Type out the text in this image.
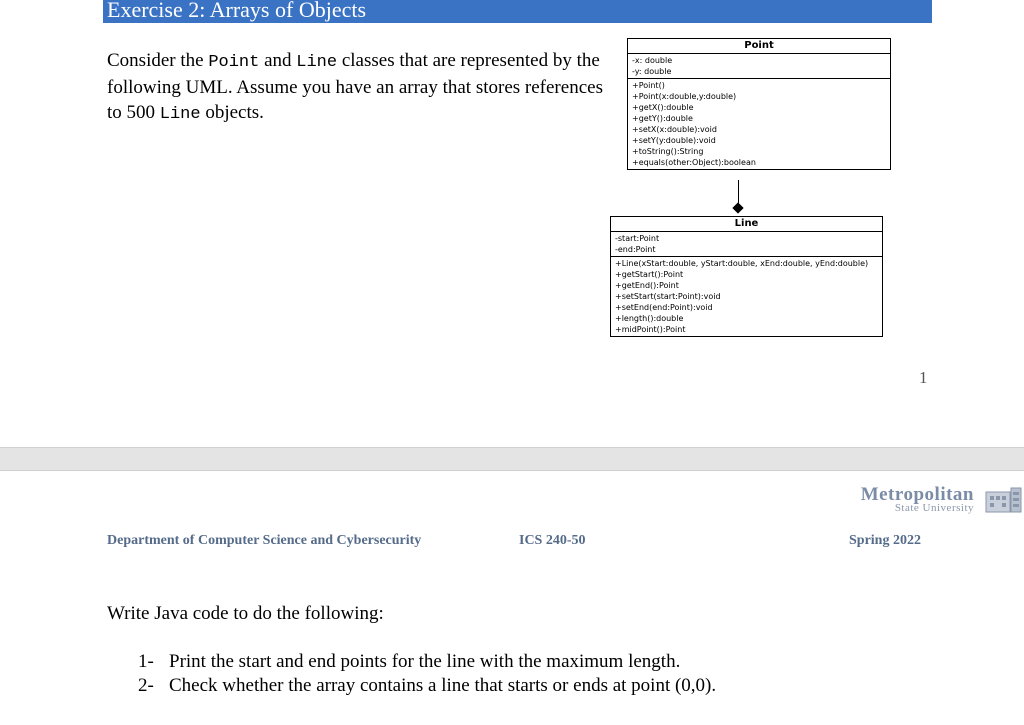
Exercise 2: Arrays of Objects
Consider the Point and Line classes that are represented by the following UML. Assume you have an array that stores references to 500 Line objects.
Point
-x: double
-y: double
+Point()
+Point(x:double,y:double)
+getX():double
+getY():double
+setX(x:double):void
+setY(y:double):void
+toString():String
+equals(other:Object):boolean
Line
-start:Point
-end:Point
+Line(xStart:double, yStart:double, xEnd:double, yEnd:double)
+getStart():Point
+getEnd():Point
+setStart(start:Point):void
+setEnd(end:Point):void
+length():double
+midPoint():Point
1
Metropolitan
State University
Department of Computer Science and Cybersecurity	ICS 240-50	Spring 2022
Write Java code to do the following:
1- Print the start and end points for the line with the maximum length.
2- Check whether the array contains a line that starts or ends at point (0,0).
